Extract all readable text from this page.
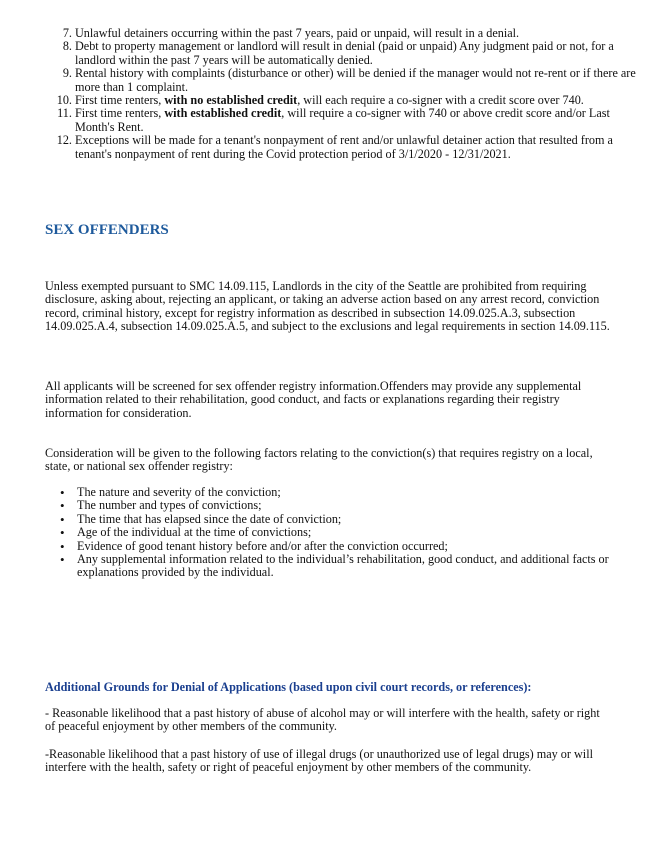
7. Unlawful detainers occurring within the past 7 years, paid or unpaid, will result in a denial.
8. Debt to property management or landlord will result in denial (paid or unpaid) Any judgment paid or not, for a landlord within the past 7 years will be automatically denied.
9. Rental history with complaints (disturbance or other) will be denied if the manager would not re-rent or if there are more than 1 complaint.
10. First time renters, with no established credit, will each require a co-signer with a credit score over 740.
11. First time renters, with established credit, will require a co-signer with 740 or above credit score and/or Last Month's Rent.
12. Exceptions will be made for a tenant's nonpayment of rent and/or unlawful detainer action that resulted from a tenant's nonpayment of rent during the Covid protection period of 3/1/2020 - 12/31/2021.
SEX OFFENDERS

Unless exempted pursuant to SMC 14.09.115, Landlords in the city of the Seattle are prohibited from requiring disclosure, asking about, rejecting an applicant, or taking an adverse action based on any arrest record, conviction record, criminal history, except for registry information as described in subsection 14.09.025.A.3, subsection 14.09.025.A.4, subsection 14.09.025.A.5, and subject to the exclusions and legal requirements in section 14.09.115.

All applicants will be screened for sex offender registry information.Offenders may provide any supplemental information related to their rehabilitation, good conduct, and facts or explanations regarding their registry information for consideration.

Consideration will be given to the following factors relating to the conviction(s) that requires registry on a local, state, or national sex offender registry:

• The nature and severity of the conviction;
• The number and types of convictions;
• The time that has elapsed since the date of conviction;
• Age of the individual at the time of convictions;
• Evidence of good tenant history before and/or after the conviction occurred;
• Any supplemental information related to the individual’s rehabilitation, good conduct, and additional facts or explanations provided by the individual.
Additional Grounds for Denial of Applications (based upon civil court records, or references):

- Reasonable likelihood that a past history of abuse of alcohol may or will interfere with the health, safety or right of peaceful enjoyment by other members of the community.

-Reasonable likelihood that a past history of use of illegal drugs (or unauthorized use of legal drugs) may or will interfere with the health, safety or right of peaceful enjoyment by other members of the community.
